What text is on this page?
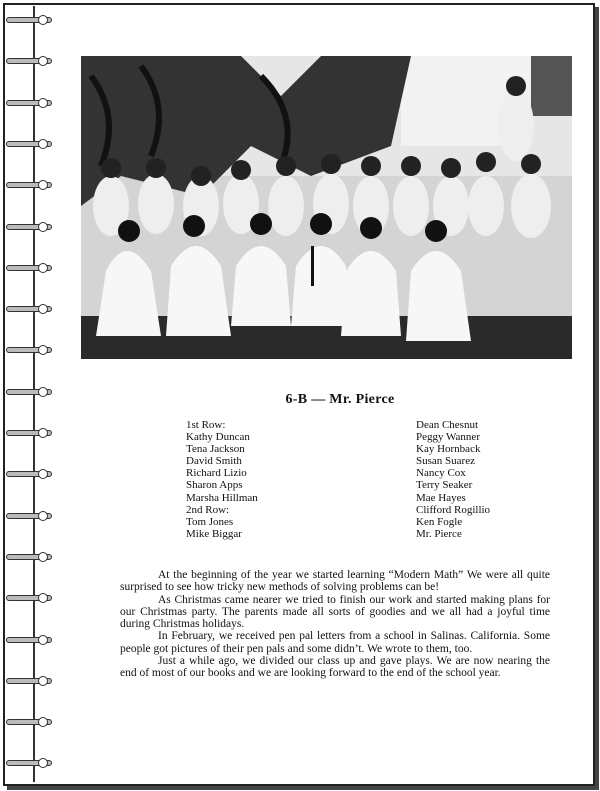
6-B — Mr. Pierce
1st Row:
Kathy Duncan
Tena Jackson
David Smith
Richard Lizio
Sharon Apps
Marsha Hillman
2nd Row:
Tom Jones
Mike Biggar
Dean Chesnut
Peggy Wanner
Kay Hornback
Susan Suarez
Nancy Cox
Terry Seaker
Mae Hayes
Clifford Rogillio
Ken Fogle
Mr. Pierce

At the beginning of the year we started learning “Modern Math” We were all quite surprised to see how tricky new methods of solving problems can be!

As Christmas came nearer we tried to finish our work and started making plans for our Christmas party. The parents made all sorts of goodies and we all had a joyful time during Christmas holidays.

In February, we received pen pal letters from a school in Salinas. California. Some people got pictures of their pen pals and some didn’t. We wrote to them, too.

Just a while ago, we divided our class up and gave plays. We are now nearing the end of most of our books and we are looking forward to the end of the school year.
